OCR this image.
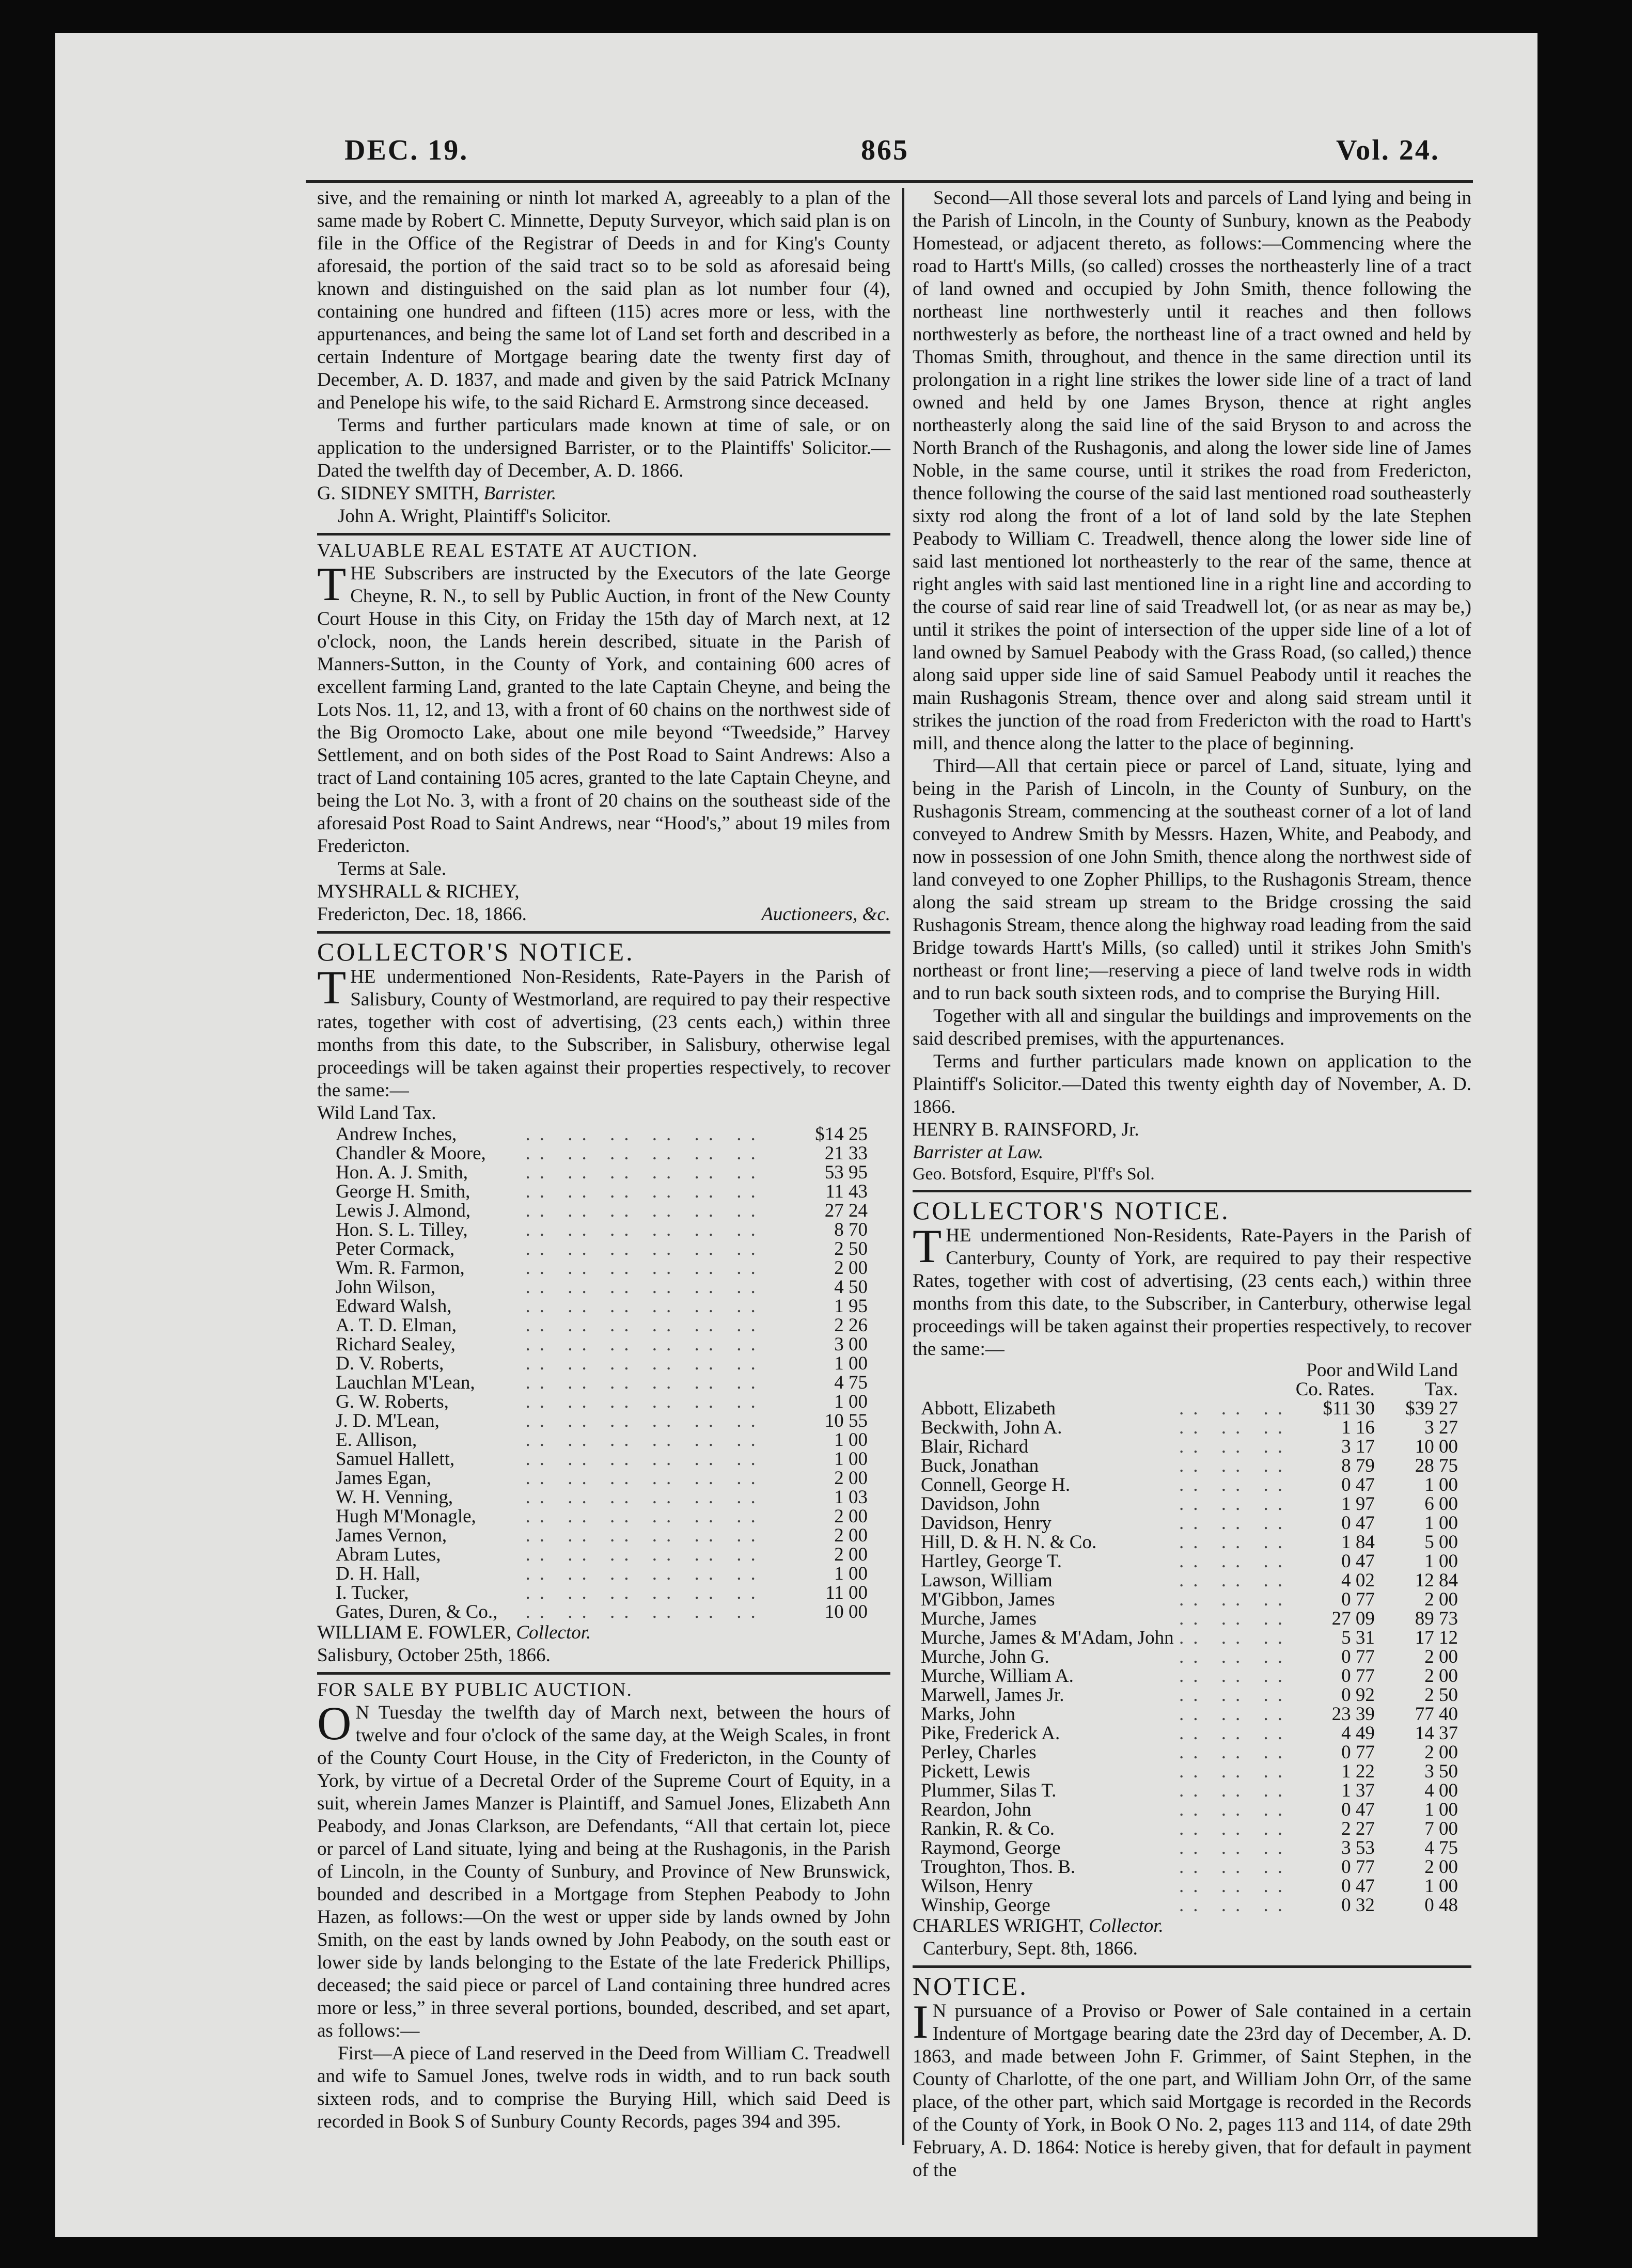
DEC. 19.	865	Vol. 24.

sive, and the remaining or ninth lot marked A, agreeably to a plan of the same made by Robert C. Minnette, Deputy Surveyor, which said plan is on file in the Office of the Registrar of Deeds in and for King's County aforesaid, the portion of the said tract so to be sold as aforesaid being known and distinguished on the said plan as lot number four (4), containing one hundred and fifteen (115) acres more or less, with the appurtenances, and being the same lot of Land set forth and described in a certain Indenture of Mortgage bearing date the twenty first day of December, A. D. 1837, and made and given by the said Patrick McInany and Penelope his wife, to the said Richard E. Armstrong since deceased.

Terms and further particulars made known at time of sale, or on application to the undersigned Barrister, or to the Plaintiffs' Solicitor.—Dated the twelfth day of December, A. D. 1866.

G. SIDNEY SMITH, Barrister.

John A. Wright, Plaintiff's Solicitor.

VALUABLE REAL ESTATE AT AUCTION.

THE Subscribers are instructed by the Executors of the late George Cheyne, R. N., to sell by Public Auction, in front of the New County Court House in this City, on Friday the 15th day of March next, at 12 o'clock, noon, the Lands herein described, situate in the Parish of Manners-Sutton, in the County of York, and containing 600 acres of excellent farming Land, granted to the late Captain Cheyne, and being the Lots Nos. 11, 12, and 13, with a front of 60 chains on the northwest side of the Big Oromocto Lake, about one mile beyond “Tweedside,” Harvey Settlement, and on both sides of the Post Road to Saint Andrews: Also a tract of Land containing 105 acres, granted to the late Captain Cheyne, and being the Lot No. 3, with a front of 20 chains on the southeast side of the aforesaid Post Road to Saint Andrews, near “Hood's,” about 19 miles from Fredericton.

Terms at Sale.

MYSHRALL & RICHEY,

Fredericton, Dec. 18, 1866.	Auctioneers, &c.

COLLECTOR'S NOTICE.

THE undermentioned Non-Residents, Rate-Payers in the Parish of Salisbury, County of Westmorland, are required to pay their respective rates, together with cost of advertising, (23 cents each,) within three months from this date, to the Subscriber, in Salisbury, otherwise legal proceedings will be taken against their properties respectively, to recover the same:—

Wild Land Tax.

Andrew Inches,	.. .. .. .. .. ..	$14 25
Chandler & Moore,	.. .. .. .. .. ..	21 33
Hon. A. J. Smith,	.. .. .. .. .. ..	53 95
George H. Smith,	.. .. .. .. .. ..	11 43
Lewis J. Almond,	.. .. .. .. .. ..	27 24
Hon. S. L. Tilley,	.. .. .. .. .. ..	8 70
Peter Cormack,	.. .. .. .. .. ..	2 50
Wm. R. Farmon,	.. .. .. .. .. ..	2 00
John Wilson,	.. .. .. .. .. ..	4 50
Edward Walsh,	.. .. .. .. .. ..	1 95
A. T. D. Elman,	.. .. .. .. .. ..	2 26
Richard Sealey,	.. .. .. .. .. ..	3 00
D. V. Roberts,	.. .. .. .. .. ..	1 00
Lauchlan M'Lean,	.. .. .. .. .. ..	4 75
G. W. Roberts,	.. .. .. .. .. ..	1 00
J. D. M'Lean,	.. .. .. .. .. ..	10 55
E. Allison,	.. .. .. .. .. ..	1 00
Samuel Hallett,	.. .. .. .. .. ..	1 00
James Egan,	.. .. .. .. .. ..	2 00
W. H. Venning,	.. .. .. .. .. ..	1 03
Hugh M'Monagle,	.. .. .. .. .. ..	2 00
James Vernon,	.. .. .. .. .. ..	2 00
Abram Lutes,	.. .. .. .. .. ..	2 00
D. H. Hall,	.. .. .. .. .. ..	1 00
I. Tucker,	.. .. .. .. .. ..	11 00
Gates, Duren, & Co.,	.. .. .. .. .. ..	10 00

WILLIAM E. FOWLER, Collector.

Salisbury, October 25th, 1866.

FOR SALE BY PUBLIC AUCTION.

O N Tuesday the twelfth day of March next, between the hours of twelve and four o'clock of the same day, at the Weigh Scales, in front of the County Court House, in the City of Fredericton, in the County of York, by virtue of a Decretal Order of the Supreme Court of Equity, in a suit, wherein James Manzer is Plaintiff, and Samuel Jones, Elizabeth Ann Peabody, and Jonas Clarkson, are Defendants, “All that certain lot, piece or parcel of Land situate, lying and being at the Rushagonis, in the Parish of Lincoln, in the County of Sunbury, and Province of New Brunswick, bounded and described in a Mortgage from Stephen Peabody to John Hazen, as follows:—On the west or upper side by lands owned by John Smith, on the east by lands owned by John Peabody, on the south east or lower side by lands belonging to the Estate of the late Frederick Phillips, deceased; the said piece or parcel of Land containing three hundred acres more or less,” in three several portions, bounded, described, and set apart, as follows:—

First—A piece of Land reserved in the Deed from William C. Treadwell and wife to Samuel Jones, twelve rods in width, and to run back south sixteen rods, and to comprise the Burying Hill, which said Deed is recorded in Book S of Sunbury County Records, pages 394 and 395.

Second—All those several lots and parcels of Land lying and being in the Parish of Lincoln, in the County of Sunbury, known as the Peabody Homestead, or adjacent thereto, as follows:—Commencing where the road to Hartt's Mills, (so called) crosses the northeasterly line of a tract of land owned and occupied by John Smith, thence following the northeast line northwesterly until it reaches and then follows northwesterly as before, the northeast line of a tract owned and held by Thomas Smith, throughout, and thence in the same direction until its prolongation in a right line strikes the lower side line of a tract of land owned and held by one James Bryson, thence at right angles northeasterly along the said line of the said Bryson to and across the North Branch of the Rushagonis, and along the lower side line of James Noble, in the same course, until it strikes the road from Fredericton, thence following the course of the said last mentioned road southeasterly sixty rod along the front of a lot of land sold by the late Stephen Peabody to William C. Treadwell, thence along the lower side line of said last mentioned lot northeasterly to the rear of the same, thence at right angles with said last mentioned line in a right line and according to the course of said rear line of said Treadwell lot, (or as near as may be,) until it strikes the point of intersection of the upper side line of a lot of land owned by Samuel Peabody with the Grass Road, (so called,) thence along said upper side line of said Samuel Peabody until it reaches the main Rushagonis Stream, thence over and along said stream until it strikes the junction of the road from Fredericton with the road to Hartt's mill, and thence along the latter to the place of beginning.

Third—All that certain piece or parcel of Land, situate, lying and being in the Parish of Lincoln, in the County of Sunbury, on the Rushagonis Stream, commencing at the southeast corner of a lot of land conveyed to Andrew Smith by Messrs. Hazen, White, and Peabody, and now in possession of one John Smith, thence along the northwest side of land conveyed to one Zopher Phillips, to the Rushagonis Stream, thence along the said stream up stream to the Bridge crossing the said Rushagonis Stream, thence along the highway road leading from the said Bridge towards Hartt's Mills, (so called) until it strikes John Smith's northeast or front line;—reserving a piece of land twelve rods in width and to run back south sixteen rods, and to comprise the Burying Hill.

Together with all and singular the buildings and improvements on the said described premises, with the appurtenances.

Terms and further particulars made known on application to the Plaintiff's Solicitor.—Dated this twenty eighth day of November, A. D. 1866.

HENRY B. RAINSFORD, Jr.

Barrister at Law.

Geo. Botsford, Esquire, Pl'ff's Sol.

COLLECTOR'S NOTICE.

THE undermentioned Non-Residents, Rate-Payers in the Parish of Canterbury, County of York, are required to pay their respective Rates, together with cost of advertising, (23 cents each,) within three months from this date, to the Subscriber, in Canterbury, otherwise legal proceedings will be taken against their properties respectively, to recover the same:—

		Poor and	Wild Land
		Co. Rates.	Tax.
Abbott, Elizabeth	.. .. ..	$11 30	$39 27
Beckwith, John A.	.. .. ..	1 16	3 27
Blair, Richard	.. .. ..	3 17	10 00
Buck, Jonathan	.. .. ..	8 79	28 75
Connell, George H.	.. .. ..	0 47	1 00
Davidson, John	.. .. ..	1 97	6 00
Davidson, Henry	.. .. ..	0 47	1 00
Hill, D. & H. N. & Co.	.. .. ..	1 84	5 00
Hartley, George T.	.. .. ..	0 47	1 00
Lawson, William	.. .. ..	4 02	12 84
M'Gibbon, James	.. .. ..	0 77	2 00
Murche, James	.. .. ..	27 09	89 73
Murche, James & M'Adam, John	.. .. ..	5 31	17 12
Murche, John G.	.. .. ..	0 77	2 00
Murche, William A.	.. .. ..	0 77	2 00
Marwell, James Jr.	.. .. ..	0 92	2 50
Marks, John	.. .. ..	23 39	77 40
Pike, Frederick A.	.. .. ..	4 49	14 37
Perley, Charles	.. .. ..	0 77	2 00
Pickett, Lewis	.. .. ..	1 22	3 50
Plummer, Silas T.	.. .. ..	1 37	4 00
Reardon, John	.. .. ..	0 47	1 00
Rankin, R. & Co.	.. .. ..	2 27	7 00
Raymond, George	.. .. ..	3 53	4 75
Troughton, Thos. B.	.. .. ..	0 77	2 00
Wilson, Henry	.. .. ..	0 47	1 00
Winship, George	.. .. ..	0 32	0 48

CHARLES WRIGHT, Collector.

Canterbury, Sept. 8th, 1866.

NOTICE.

I N pursuance of a Proviso or Power of Sale contained in a certain Indenture of Mortgage bearing date the 23rd day of December, A. D. 1863, and made between John F. Grimmer, of Saint Stephen, in the County of Charlotte, of the one part, and William John Orr, of the same place, of the other part, which said Mortgage is recorded in the Records of the County of York, in Book O No. 2, pages 113 and 114, of date 29th February, A. D. 1864: Notice is hereby given, that for default in payment of the
